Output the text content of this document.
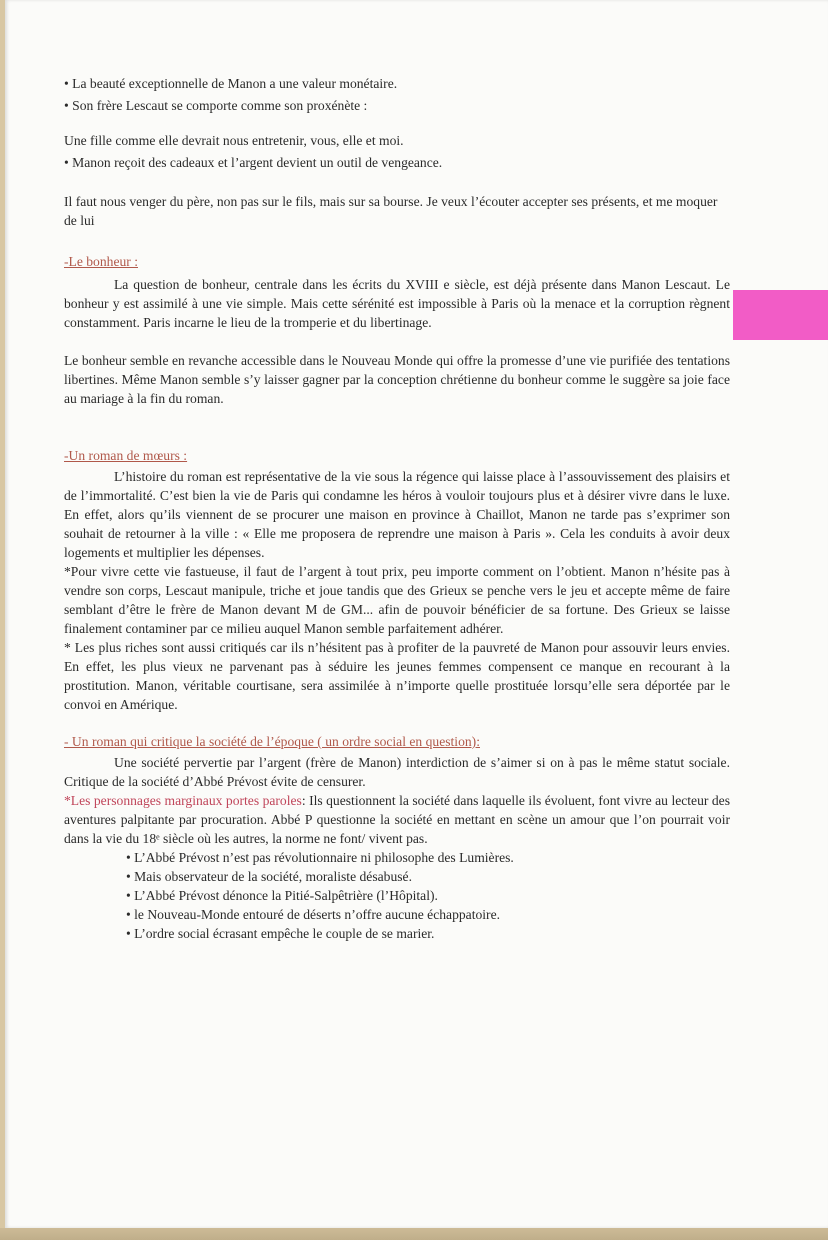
• La beauté exceptionnelle de Manon a une valeur monétaire.

• Son frère Lescaut se comporte comme son proxénète :

Une fille comme elle devrait nous entretenir, vous, elle et moi.

• Manon reçoit des cadeaux et l’argent devient un outil de vengeance.

Il faut nous venger du père, non pas sur le fils, mais sur sa bourse. Je veux l’écouter accepter ses présents, et me moquer de lui

-Le bonheur :

La question de bonheur, centrale dans les écrits du XVIII e siècle, est déjà présente dans Manon Lescaut. Le bonheur y est assimilé à une vie simple. Mais cette sérénité est impossible à Paris où la menace et la corruption règnent constamment. Paris incarne le lieu de la tromperie et du libertinage.

Le bonheur semble en revanche accessible dans le Nouveau Monde qui offre la promesse d’une vie purifiée des tentations libertines. Même Manon semble s’y laisser gagner par la conception chrétienne du bonheur comme le suggère sa joie face au mariage à la fin du roman.

-Un roman de mœurs :

L’histoire du roman est représentative de la vie sous la régence qui laisse place à l’assouvissement des plaisirs et de l’immortalité. C’est bien la vie de Paris qui condamne les héros à vouloir toujours plus et à désirer vivre dans le luxe. En effet, alors qu’ils viennent de se procurer une maison en province à Chaillot, Manon ne tarde pas s’exprimer son souhait de retourner à la ville : « Elle me proposera de reprendre une maison à Paris ». Cela les conduits à avoir deux logements et multiplier les dépenses.

*Pour vivre cette vie fastueuse, il faut de l’argent à tout prix, peu importe comment on l’obtient. Manon n’hésite pas à vendre son corps, Lescaut manipule, triche et joue tandis que des Grieux se penche vers le jeu et accepte même de faire semblant d’être le frère de Manon devant M de GM... afin de pouvoir bénéficier de sa fortune. Des Grieux se laisse finalement contaminer par ce milieu auquel Manon semble parfaitement adhérer.

* Les plus riches sont aussi critiqués car ils n’hésitent pas à profiter de la pauvreté de Manon pour assouvir leurs envies. En effet, les plus vieux ne parvenant pas à séduire les jeunes femmes compensent ce manque en recourant à la prostitution. Manon, véritable courtisane, sera assimilée à n’importe quelle prostituée lorsqu’elle sera déportée par le convoi en Amérique.

- Un roman qui critique la société de l’époque ( un ordre social en question):

Une société pervertie par l’argent (frère de Manon) interdiction de s’aimer si on à pas le même statut sociale. Critique de la société d’Abbé Prévost évite de censurer.

*Les personnages marginaux portes paroles: Ils questionnent la société dans laquelle ils évoluent, font vivre au lecteur des aventures palpitante par procuration. Abbé P questionne la société en mettant en scène un amour que l’on pourrait voir dans la vie du 18ᵉ siècle où les autres, la norme ne font/ vivent pas.

• L’Abbé Prévost n’est pas révolutionnaire ni philosophe des Lumières.
• Mais observateur de la société, moraliste désabusé.
• L’Abbé Prévost dénonce la Pitié-Salpêtrière (l’Hôpital).
• le Nouveau-Monde entouré de déserts n’offre aucune échappatoire.
• L’ordre social écrasant empêche le couple de se marier.
